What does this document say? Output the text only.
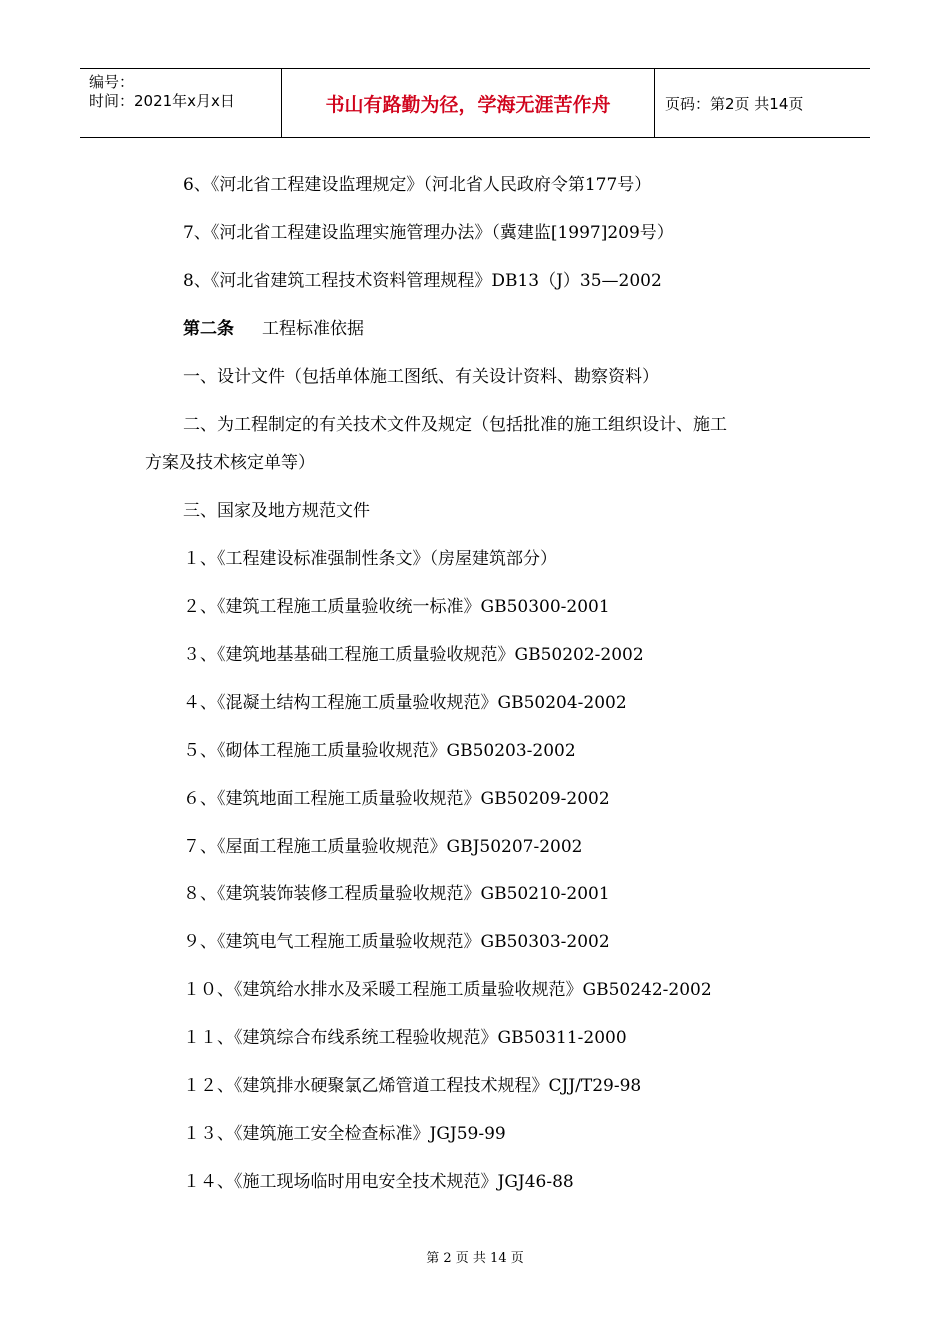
编号：
时间：2021年x月x日	书山有路勤为径，学海无涯苦作舟	页码：第2页 共14页
6、《河北省工程建设监理规定》（河北省人民政府令第177号）
7、《河北省工程建设监理实施管理办法》（冀建监[1997]209号）
8、《河北省建筑工程技术资料管理规程》DB13（J）35—2002
第二条 工程标准依据
一、设计文件（包括单体施工图纸、有关设计资料、勘察资料）
二、为工程制定的有关技术文件及规定（包括批准的施工组织设计、施工
方案及技术核定单等）
三、国家及地方规范文件
１、《工程建设标准强制性条文》（房屋建筑部分）
２、《建筑工程施工质量验收统一标准》GB50300-2001
３、《建筑地基基础工程施工质量验收规范》GB50202-2002
４、《混凝土结构工程施工质量验收规范》GB50204-2002
５、《砌体工程施工质量验收规范》GB50203-2002
６、《建筑地面工程施工质量验收规范》GB50209-2002
７、《屋面工程施工质量验收规范》GBJ50207-2002
８、《建筑装饰装修工程质量验收规范》GB50210-2001
９、《建筑电气工程施工质量验收规范》GB50303-2002
１０、《建筑给水排水及采暖工程施工质量验收规范》GB50242-2002
１１、《建筑综合布线系统工程验收规范》GB50311-2000
１２、《建筑排水硬聚氯乙烯管道工程技术规程》CJJ/T29-98
１３、《建筑施工安全检查标准》JGJ59-99
１４、《施工现场临时用电安全技术规范》JGJ46-88
第 2 页 共 14 页
